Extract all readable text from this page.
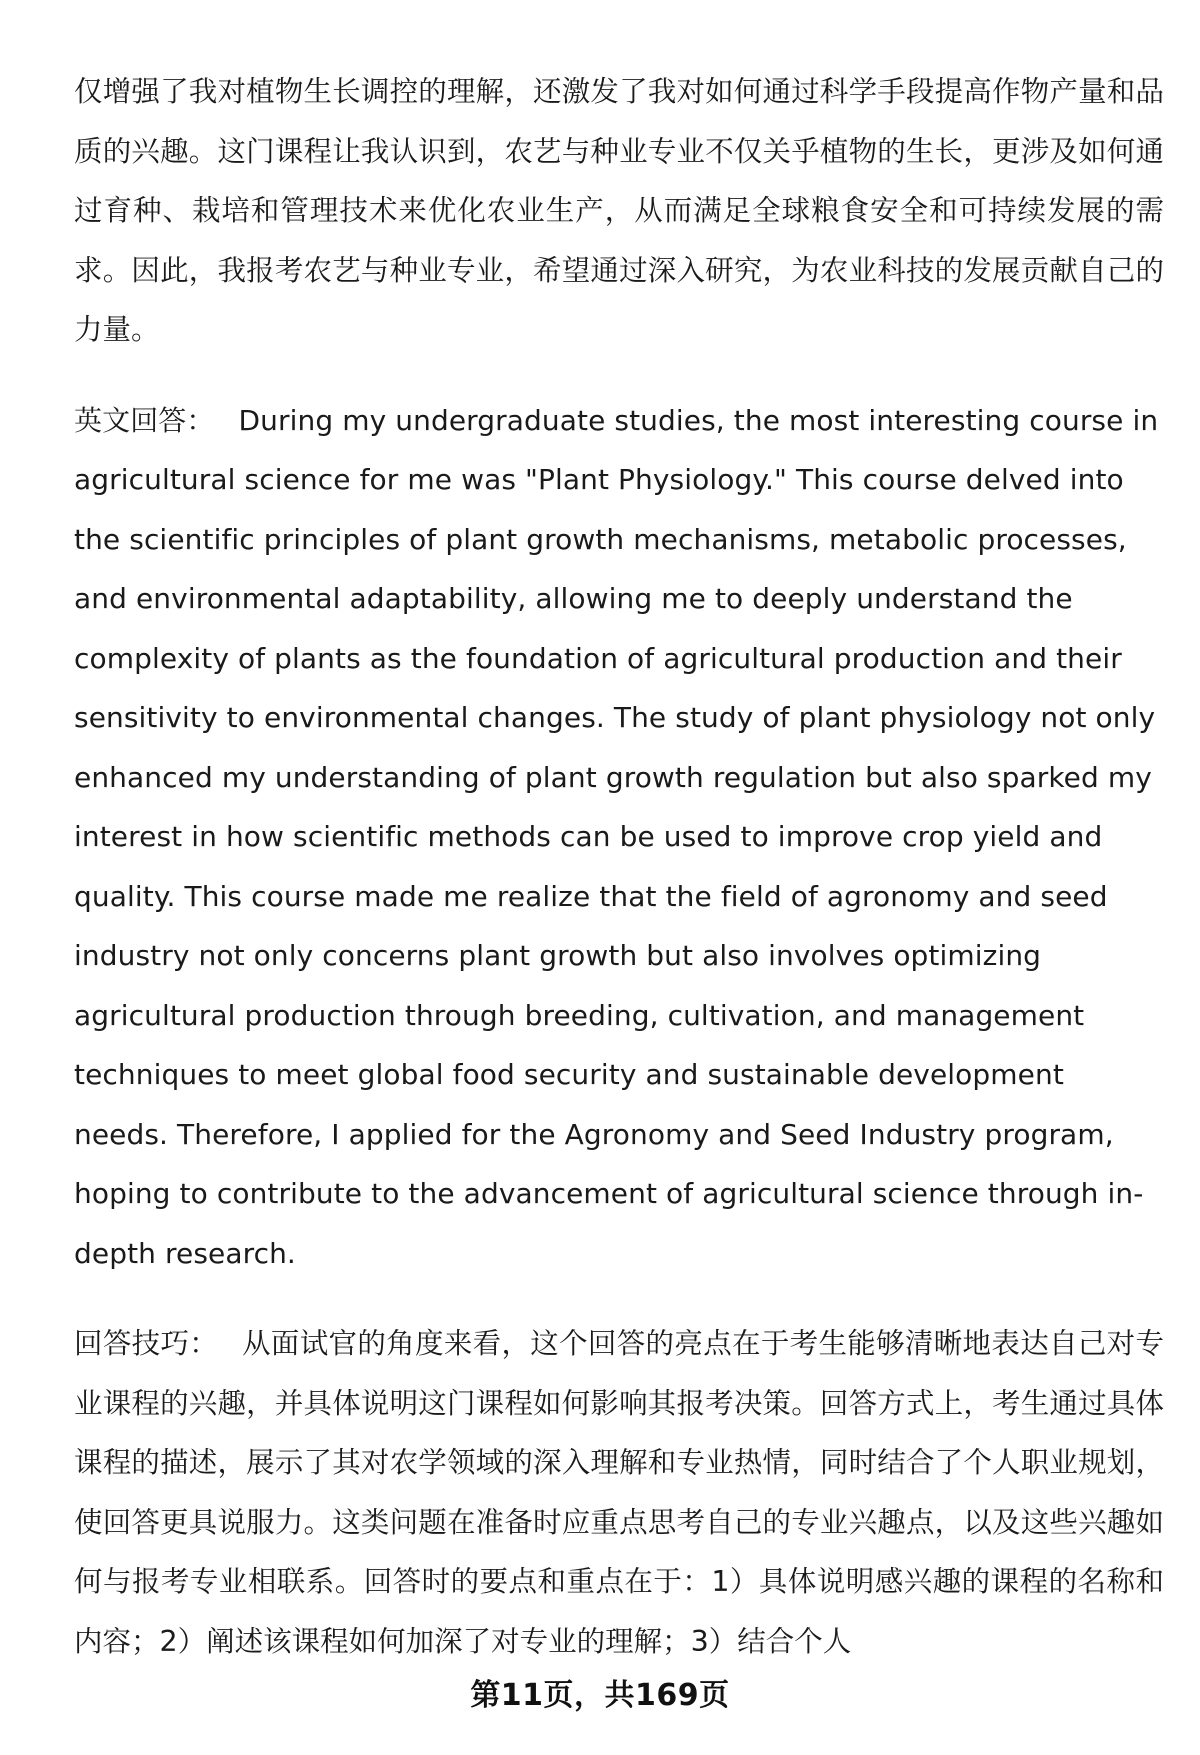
仅增强了我对植物生长调控的理解，还激发了我对如何通过科学手段提高作物产量和品质的兴趣。这门课程让我认识到，农艺与种业专业不仅关乎植物的生长，更涉及如何通过育种、栽培和管理技术来优化农业生产，从而满足全球粮食安全和可持续发展的需求。因此，我报考农艺与种业专业，希望通过深入研究，为农业科技的发展贡献自己的力量。

英文回答： During my undergraduate studies, the most interesting course in agricultural science for me was "Plant Physiology." This course delved into the scientific principles of plant growth mechanisms, metabolic processes, and environmental adaptability, allowing me to deeply understand the complexity of plants as the foundation of agricultural production and their sensitivity to environmental changes. The study of plant physiology not only enhanced my understanding of plant growth regulation but also sparked my interest in how scientific methods can be used to improve crop yield and quality. This course made me realize that the field of agronomy and seed industry not only concerns plant growth but also involves optimizing agricultural production through breeding, cultivation, and management techniques to meet global food security and sustainable development needs. Therefore, I applied for the Agronomy and Seed Industry program, hoping to contribute to the advancement of agricultural science through in-depth research.

回答技巧： 从面试官的角度来看，这个回答的亮点在于考生能够清晰地表达自己对专业课程的兴趣，并具体说明这门课程如何影响其报考决策。回答方式上，考生通过具体课程的描述，展示了其对农学领域的深入理解和专业热情，同时结合了个人职业规划，使回答更具说服力。这类问题在准备时应重点思考自己的专业兴趣点，以及这些兴趣如何与报考专业相联系。回答时的要点和重点在于：1）具体说明感兴趣的课程的名称和内容；2）阐述该课程如何加深了对专业的理解；3）结合个人

第11页，共169页
